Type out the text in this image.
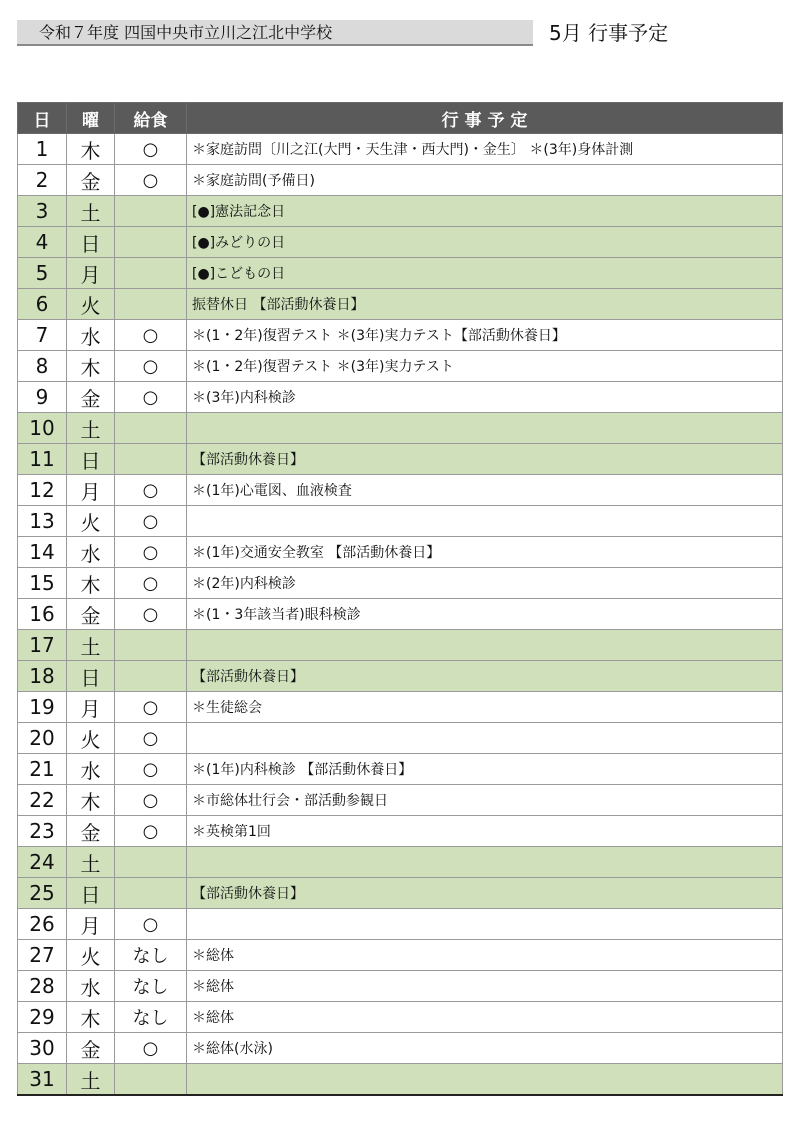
令和７年度 四国中央市立川之江北中学校	5月 行事予定
日	曜	給食	行 事 予 定
1	木	○	＊家庭訪問〔川之江(大門・天生津・西大門)・金生〕 ＊(3年)身体計測
2	金	○	＊家庭訪問(予備日)
3	土		[●]憲法記念日
4	日		[●]みどりの日
5	月		[●]こどもの日
6	火		振替休日 【部活動休養日】
7	水	○	＊(1・2年)復習テスト ＊(3年)実力テスト【部活動休養日】
8	木	○	＊(1・2年)復習テスト ＊(3年)実力テスト
9	金	○	＊(3年)内科検診
10	土		
11	日		【部活動休養日】
12	月	○	＊(1年)心電図、血液検査
13	火	○	
14	水	○	＊(1年)交通安全教室 【部活動休養日】
15	木	○	＊(2年)内科検診
16	金	○	＊(1・3年該当者)眼科検診
17	土		
18	日		【部活動休養日】
19	月	○	＊生徒総会
20	火	○	
21	水	○	＊(1年)内科検診 【部活動休養日】
22	木	○	＊市総体壮行会・部活動参観日
23	金	○	＊英検第1回
24	土		
25	日		【部活動休養日】
26	月	○	
27	火	なし	＊総体
28	水	なし	＊総体
29	木	なし	＊総体
30	金	○	＊総体(水泳)
31	土		
